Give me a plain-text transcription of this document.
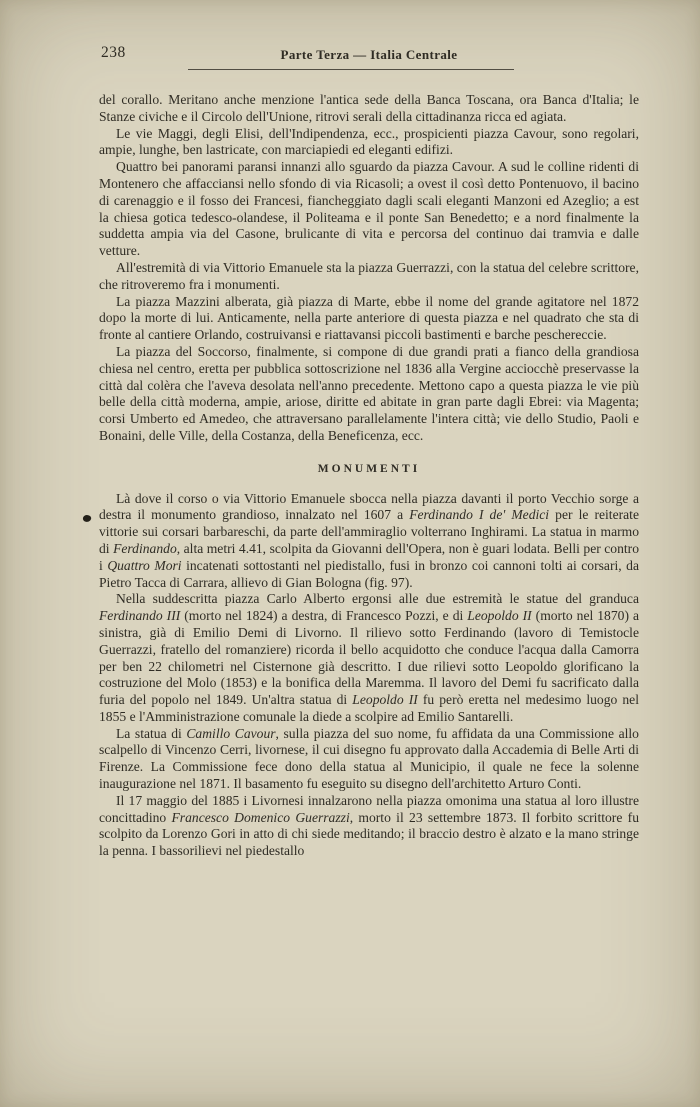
238	Parte Terza — Italia Centrale

del corallo. Meritano anche menzione l'antica sede della Banca Toscana, ora Banca d'Italia; le Stanze civiche e il Circolo dell'Unione, ritrovi serali della cittadinanza ricca ed agiata.

Le vie Maggi, degli Elisi, dell'Indipendenza, ecc., prospicienti piazza Cavour, sono regolari, ampie, lunghe, ben lastricate, con marciapiedi ed eleganti edifizi.

Quattro bei panorami paransi innanzi allo sguardo da piazza Cavour. A sud le colline ridenti di Montenero che affacciansi nello sfondo di via Ricasoli; a ovest il così detto Pontenuovo, il bacino di carenaggio e il fosso dei Francesi, fiancheggiato dagli scali eleganti Manzoni ed Azeglio; a est la chiesa gotica tedesco-olandese, il Politeama e il ponte San Benedetto; e a nord finalmente la suddetta ampia via del Casone, brulicante di vita e percorsa del continuo dai tramvia e dalle vetture.

All'estremità di via Vittorio Emanuele sta la piazza Guerrazzi, con la statua del celebre scrittore, che ritroveremo fra i monumenti.

La piazza Mazzini alberata, già piazza di Marte, ebbe il nome del grande agitatore nel 1872 dopo la morte di lui. Anticamente, nella parte anteriore di questa piazza e nel quadrato che sta di fronte al cantiere Orlando, costruivansi e riattavansi piccoli bastimenti e barche peschereccie.

La piazza del Soccorso, finalmente, si compone di due grandi prati a fianco della grandiosa chiesa nel centro, eretta per pubblica sottoscrizione nel 1836 alla Vergine acciocchè preservasse la città dal colèra che l'aveva desolata nell'anno precedente. Mettono capo a questa piazza le vie più belle della città moderna, ampie, ariose, diritte ed abitate in gran parte dagli Ebrei: via Magenta; corsi Umberto ed Amedeo, che attraversano parallelamente l'intera città; vie dello Studio, Paoli e Bonaini, delle Ville, della Costanza, della Beneficenza, ecc.

MONUMENTI

Là dove il corso o via Vittorio Emanuele sbocca nella piazza davanti il porto Vecchio sorge a destra il monumento grandioso, innalzato nel 1607 a Ferdinando I de' Medici per le reiterate vittorie sui corsari barbareschi, da parte dell'ammiraglio volterrano Inghirami. La statua in marmo di Ferdinando, alta metri 4.41, scolpita da Giovanni dell'Opera, non è guari lodata. Belli per contro i Quattro Mori incatenati sottostanti nel piedistallo, fusi in bronzo coi cannoni tolti ai corsari, da Pietro Tacca di Carrara, allievo di Gian Bologna (fig. 97).

Nella suddescritta piazza Carlo Alberto ergonsi alle due estremità le statue del granduca Ferdinando III (morto nel 1824) a destra, di Francesco Pozzi, e di Leopoldo II (morto nel 1870) a sinistra, già di Emilio Demi di Livorno. Il rilievo sotto Ferdinando (lavoro di Temistocle Guerrazzi, fratello del romanziere) ricorda il bello acquidotto che conduce l'acqua dalla Camorra per ben 22 chilometri nel Cisternone già descritto. I due rilievi sotto Leopoldo glorificano la costruzione del Molo (1853) e la bonifica della Maremma. Il lavoro del Demi fu sacrificato dalla furia del popolo nel 1849. Un'altra statua di Leopoldo II fu però eretta nel medesimo luogo nel 1855 e l'Amministrazione comunale la diede a scolpire ad Emilio Santarelli.

La statua di Camillo Cavour, sulla piazza del suo nome, fu affidata da una Commissione allo scalpello di Vincenzo Cerri, livornese, il cui disegno fu approvato dalla Accademia di Belle Arti di Firenze. La Commissione fece dono della statua al Municipio, il quale ne fece la solenne inaugurazione nel 1871. Il basamento fu eseguito su disegno dell'architetto Arturo Conti.

Il 17 maggio del 1885 i Livornesi innalzarono nella piazza omonima una statua al loro illustre concittadino Francesco Domenico Guerrazzi, morto il 23 settembre 1873. Il forbito scrittore fu scolpito da Lorenzo Gori in atto di chi siede meditando; il braccio destro è alzato e la mano stringe la penna. I bassorilievi nel piedestallo
